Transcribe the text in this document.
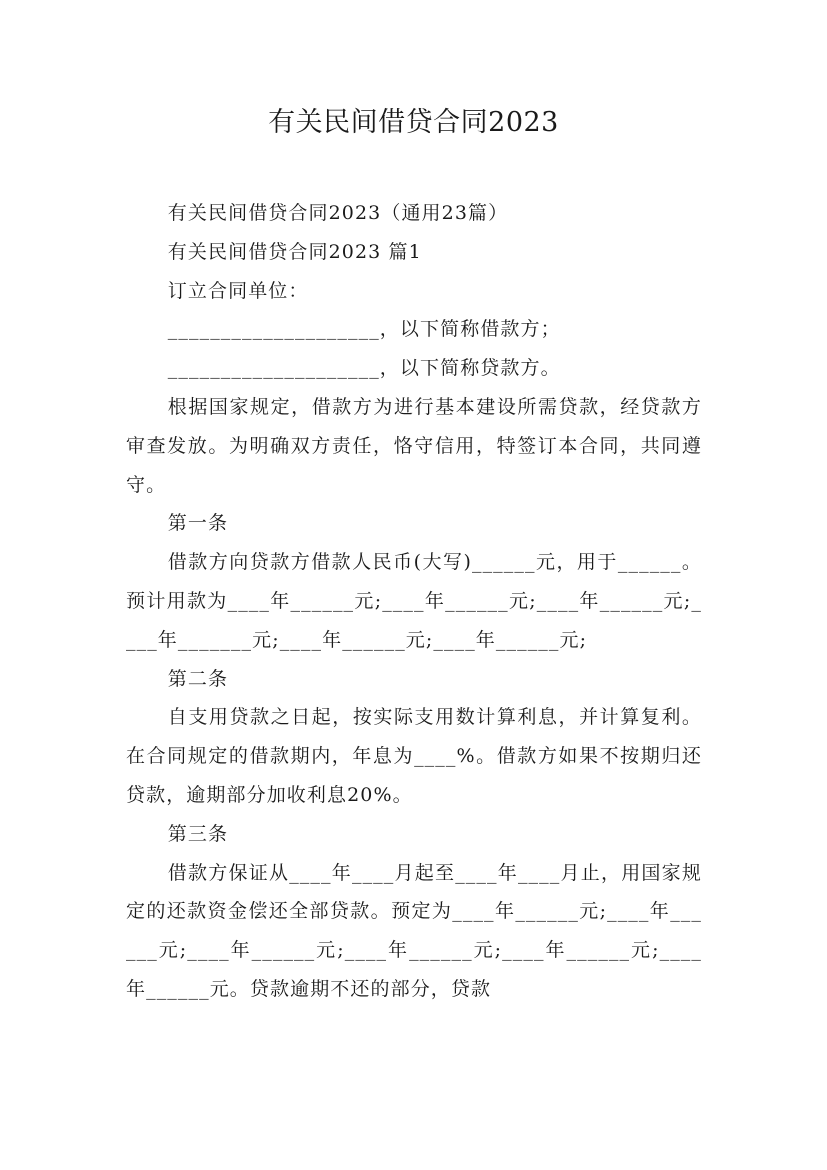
有关民间借贷合同2023

有关民间借贷合同2023（通用23篇）

有关民间借贷合同2023 篇1

订立合同单位：

____________________，以下简称借款方；

____________________，以下简称贷款方。

根据国家规定，借款方为进行基本建设所需贷款，经贷款方审查发放。为明确双方责任，恪守信用，特签订本合同，共同遵守。

第一条

借款方向贷款方借款人民币(大写)______元，用于______。预计用款为____年______元;____年______元;____年______元;____年_______元;____年______元;____年______元;

第二条

自支用贷款之日起，按实际支用数计算利息，并计算复利。在合同规定的借款期内，年息为____%。借款方如果不按期归还贷款，逾期部分加收利息20%。

第三条

借款方保证从____年____月起至____年____月止，用国家规定的还款资金偿还全部贷款。预定为____年______元;____年______元;____年______元;____年______元;____年______元;____年______元。贷款逾期不还的部分，贷款
